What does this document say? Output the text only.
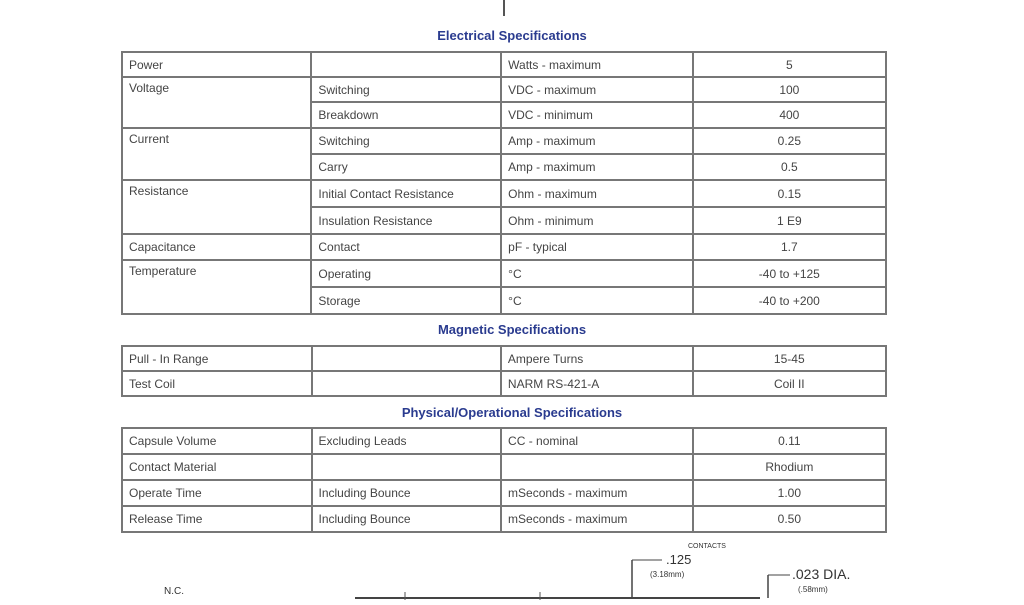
Electrical Specifications
Power		Watts - maximum	5
Voltage	Switching	VDC - maximum	100
	Breakdown	VDC - minimum	400
Current	Switching	Amp - maximum	0.25
	Carry	Amp - maximum	0.5
Resistance	Initial Contact Resistance	Ohm - maximum	0.15
	Insulation Resistance	Ohm - minimum	1 E9
Capacitance	Contact	pF - typical	1.7
Temperature	Operating	°C	-40 to +125
	Storage	°C	-40 to +200
Magnetic Specifications
Pull - In Range		Ampere Turns	15-45
Test Coil		NARM RS-421-A	Coil II
Physical/Operational Specifications
Capsule Volume	Excluding Leads	CC - nominal	0.11
Contact Material			Rhodium
Operate Time	Including Bounce	mSeconds - maximum	1.00
Release Time	Including Bounce	mSeconds - maximum	0.50
N.C.
CONTACTS
.125
(3.18mm)	.023 DIA.
(.58mm)
